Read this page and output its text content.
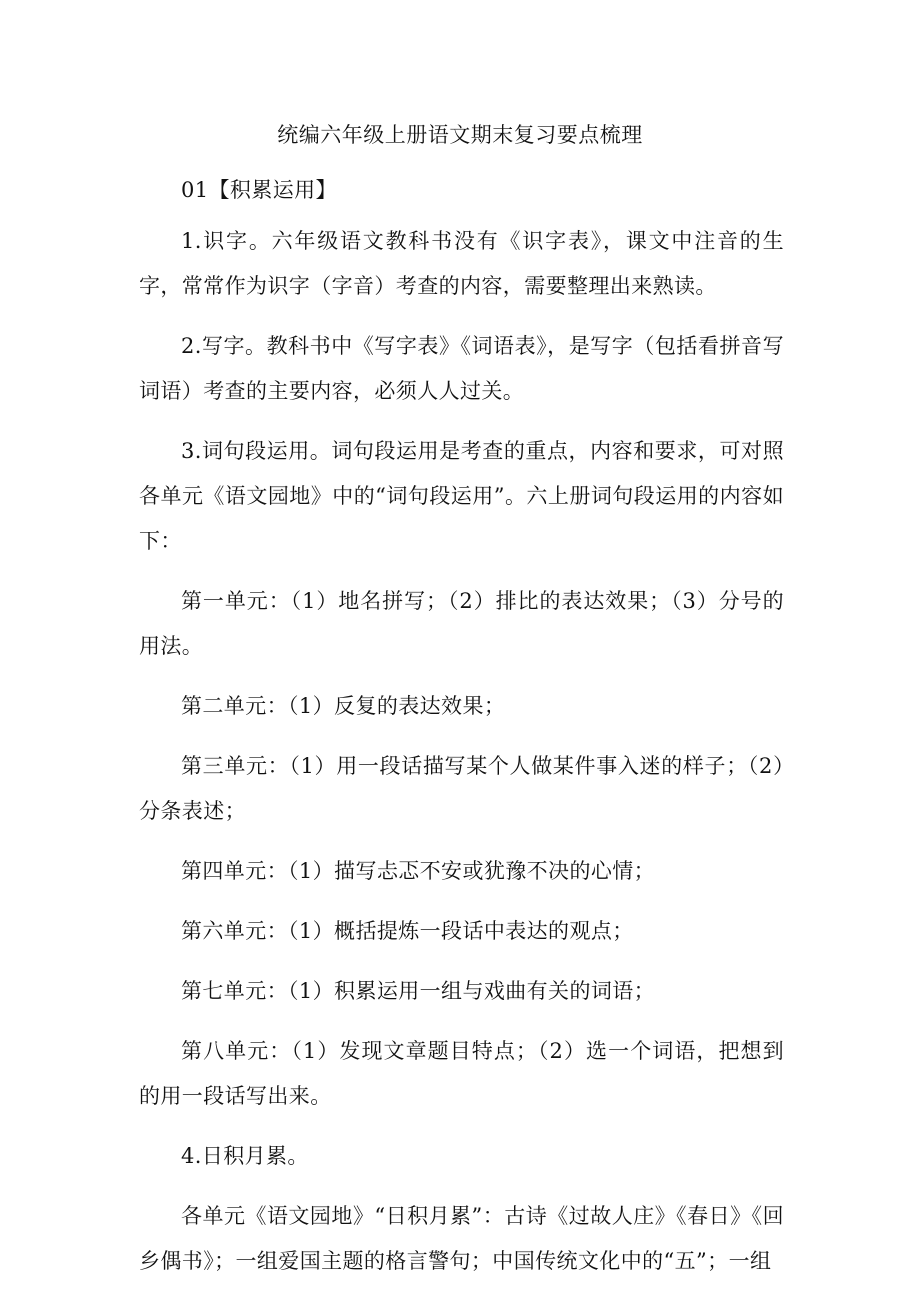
统编六年级上册语文期末复习要点梳理

01【积累运用】

1.识字。六年级语文教科书没有《识字表》，课文中注音的生字，常常作为识字（字音）考查的内容，需要整理出来熟读。

2.写字。教科书中《写字表》《词语表》，是写字（包括看拼音写词语）考查的主要内容，必须人人过关。

3.词句段运用。词句段运用是考查的重点，内容和要求，可对照各单元《语文园地》中的“词句段运用”。六上册词句段运用的内容如下：

第一单元：（1）地名拼写；（2）排比的表达效果；（3）分号的用法。

第二单元：（1）反复的表达效果；

第三单元：（1）用一段话描写某个人做某件事入迷的样子；（2）分条表述；

第四单元：（1）描写忐忑不安或犹豫不决的心情；

第六单元：（1）概括提炼一段话中表达的观点；

第七单元：（1）积累运用一组与戏曲有关的词语；

第八单元：（1）发现文章题目特点；（2）选一个词语，把想到的用一段话写出来。

4.日积月累。

各单元《语文园地》“日积月累”：古诗《过故人庄》《春日》《回乡偶书》；一组爱国主题的格言警句；中国传统文化中的“五”；一组
